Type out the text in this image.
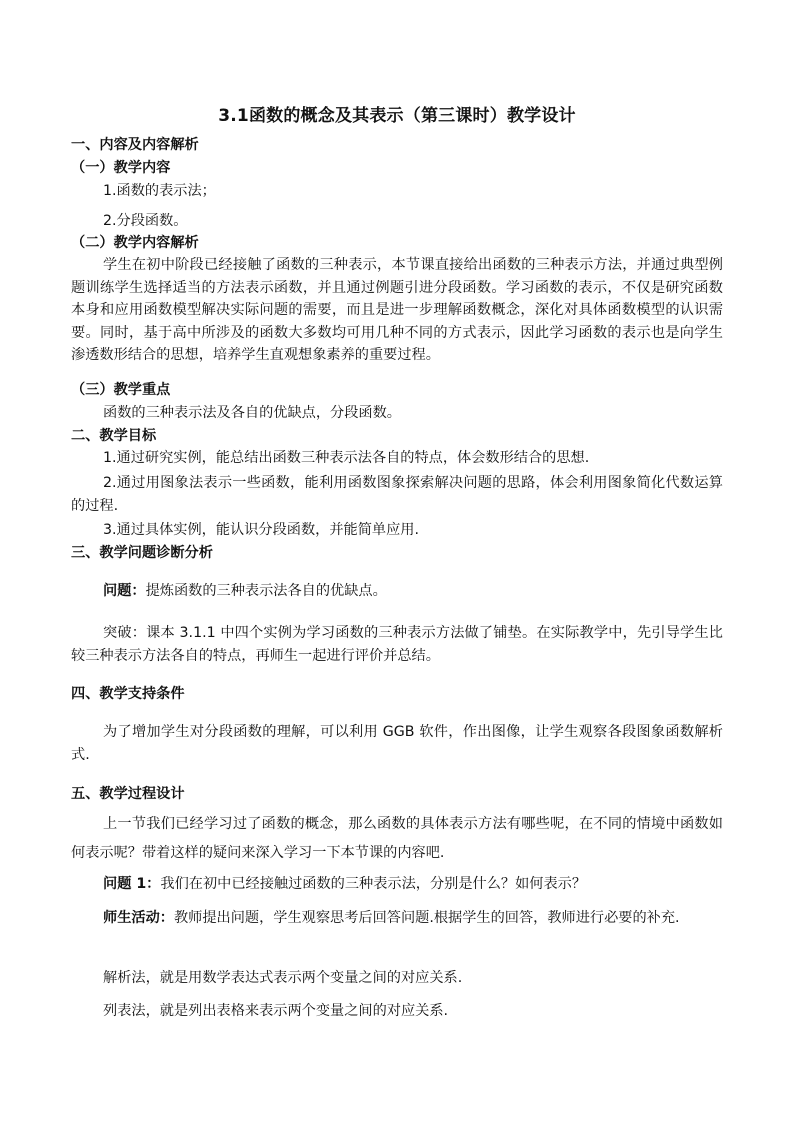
3.1函数的概念及其表示（第三课时）教学设计
一、内容及内容解析
（一）教学内容
1.函数的表示法；
2.分段函数。
（二）教学内容解析
学生在初中阶段已经接触了函数的三种表示，本节课直接给出函数的三种表示方法，并通过典型例题训练学生选择适当的方法表示函数，并且通过例题引进分段函数。学习函数的表示，不仅是研究函数本身和应用函数模型解决实际问题的需要，而且是进一步理解函数概念，深化对具体函数模型的认识需要。同时，基于高中所涉及的函数大多数均可用几种不同的方式表示，因此学习函数的表示也是向学生渗透数形结合的思想，培养学生直观想象素养的重要过程。
（三）教学重点
函数的三种表示法及各自的优缺点，分段函数。
二、教学目标
1.通过研究实例，能总结出函数三种表示法各自的特点，体会数形结合的思想.
2.通过用图象法表示一些函数，能利用函数图象探索解决问题的思路，体会利用图象简化代数运算的过程.
3.通过具体实例，能认识分段函数，并能简单应用.
三、教学问题诊断分析
问题：提炼函数的三种表示法各自的优缺点。
突破：课本 3.1.1 中四个实例为学习函数的三种表示方法做了铺垫。在实际教学中，先引导学生比较三种表示方法各自的特点，再师生一起进行评价并总结。
四、教学支持条件
为了增加学生对分段函数的理解，可以利用 GGB 软件，作出图像，让学生观察各段图象函数解析式.
五、教学过程设计
上一节我们已经学习过了函数的概念，那么函数的具体表示方法有哪些呢，在不同的情境中函数如何表示呢？带着这样的疑问来深入学习一下本节课的内容吧.
问题 1：我们在初中已经接触过函数的三种表示法，分别是什么？如何表示？
师生活动：教师提出问题，学生观察思考后回答问题.根据学生的回答，教师进行必要的补充.
解析法，就是用数学表达式表示两个变量之间的对应关系.
列表法，就是列出表格来表示两个变量之间的对应关系.
